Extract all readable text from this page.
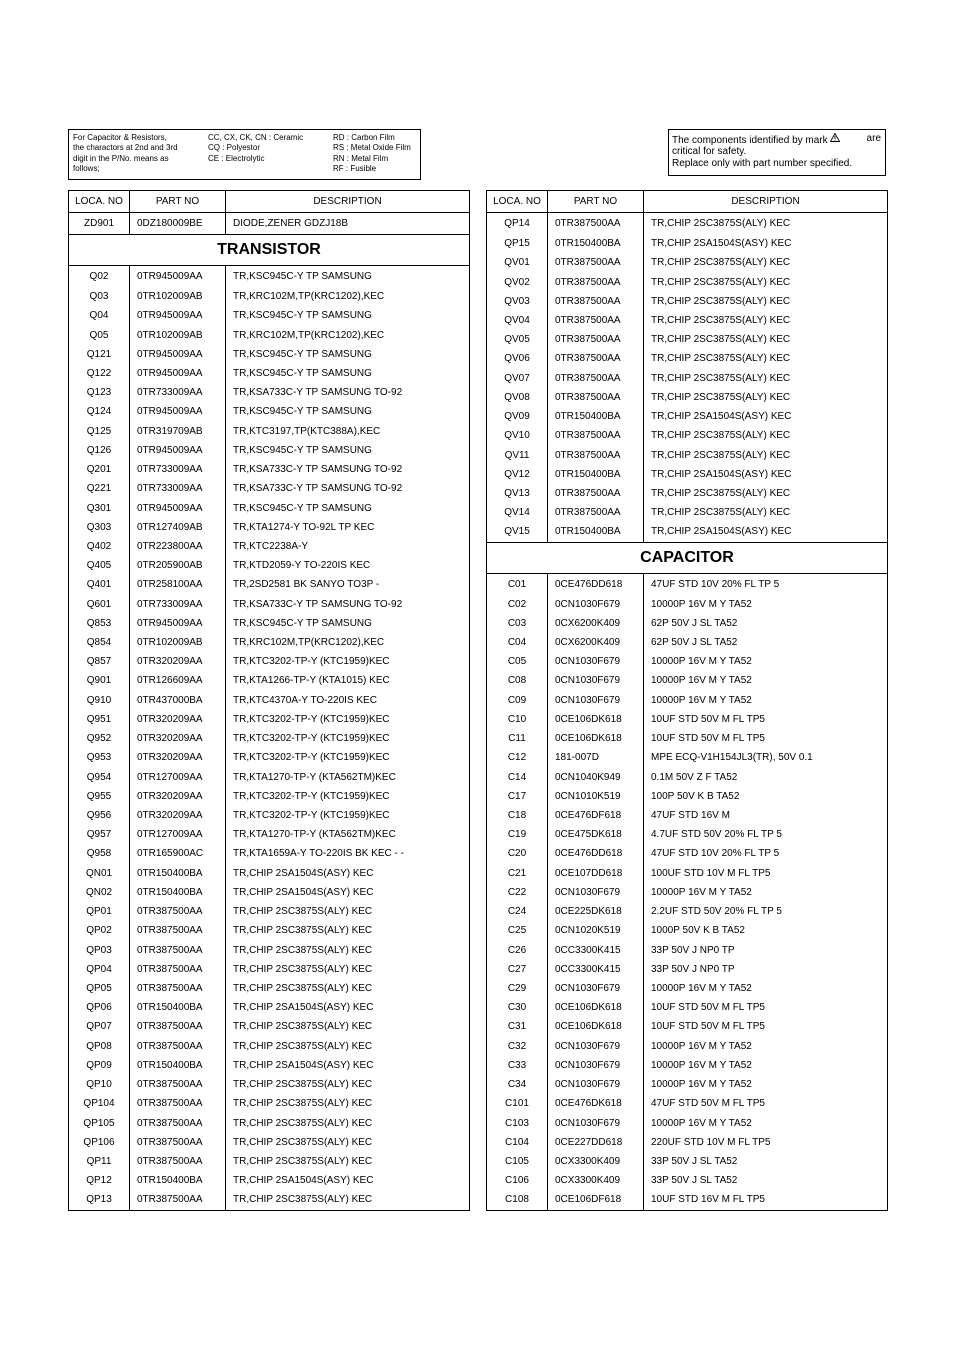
For Capacitor & Resistors,
the charactors at 2nd and 3rd
digit in the P/No. means as
follows;
CC, CX, CK, CN : Ceramic
CQ : Polyestor
CE : Electrolytic
RD : Carbon Film
RS : Metal Oxide Film
RN : Metal Film
RF : Fusible
The components identified by mark	are
critical for safety.
Replace only with part number specified.
LOCA. NO	PART NO	DESCRIPTION
ZD901	0DZ180009BE	DIODE,ZENER GDZJ18B
TRANSISTOR		
Q02	0TR945009AA	TR,KSC945C-Y TP SAMSUNG
Q03	0TR102009AB	TR,KRC102M,TP(KRC1202),KEC
Q04	0TR945009AA	TR,KSC945C-Y TP SAMSUNG
Q05	0TR102009AB	TR,KRC102M,TP(KRC1202),KEC
Q121	0TR945009AA	TR,KSC945C-Y TP SAMSUNG
Q122	0TR945009AA	TR,KSC945C-Y TP SAMSUNG
Q123	0TR733009AA	TR,KSA733C-Y TP SAMSUNG TO-92
Q124	0TR945009AA	TR,KSC945C-Y TP SAMSUNG
Q125	0TR319709AB	TR,KTC3197,TP(KTC388A),KEC
Q126	0TR945009AA	TR,KSC945C-Y TP SAMSUNG
Q201	0TR733009AA	TR,KSA733C-Y TP SAMSUNG TO-92
Q221	0TR733009AA	TR,KSA733C-Y TP SAMSUNG TO-92
Q301	0TR945009AA	TR,KSC945C-Y TP SAMSUNG
Q303	0TR127409AB	TR,KTA1274-Y TO-92L TP KEC
Q402	0TR223800AA	TR,KTC2238A-Y
Q405	0TR205900AB	TR,KTD2059-Y TO-220IS KEC
Q401	0TR258100AA	TR,2SD2581 BK SANYO TO3P -
Q601	0TR733009AA	TR,KSA733C-Y TP SAMSUNG TO-92
Q853	0TR945009AA	TR,KSC945C-Y TP SAMSUNG
Q854	0TR102009AB	TR,KRC102M,TP(KRC1202),KEC
Q857	0TR320209AA	TR,KTC3202-TP-Y (KTC1959)KEC
Q901	0TR126609AA	TR,KTA1266-TP-Y (KTA1015) KEC
Q910	0TR437000BA	TR,KTC4370A-Y TO-220IS KEC
Q951	0TR320209AA	TR,KTC3202-TP-Y (KTC1959)KEC
Q952	0TR320209AA	TR,KTC3202-TP-Y (KTC1959)KEC
Q953	0TR320209AA	TR,KTC3202-TP-Y (KTC1959)KEC
Q954	0TR127009AA	TR,KTA1270-TP-Y (KTA562TM)KEC
Q955	0TR320209AA	TR,KTC3202-TP-Y (KTC1959)KEC
Q956	0TR320209AA	TR,KTC3202-TP-Y (KTC1959)KEC
Q957	0TR127009AA	TR,KTA1270-TP-Y (KTA562TM)KEC
Q958	0TR165900AC	TR,KTA1659A-Y TO-220IS BK KEC - -
QN01	0TR150400BA	TR,CHIP 2SA1504S(ASY) KEC
QN02	0TR150400BA	TR,CHIP 2SA1504S(ASY) KEC
QP01	0TR387500AA	TR,CHIP 2SC3875S(ALY) KEC
QP02	0TR387500AA	TR,CHIP 2SC3875S(ALY) KEC
QP03	0TR387500AA	TR,CHIP 2SC3875S(ALY) KEC
QP04	0TR387500AA	TR,CHIP 2SC3875S(ALY) KEC
QP05	0TR387500AA	TR,CHIP 2SC3875S(ALY) KEC
QP06	0TR150400BA	TR,CHIP 2SA1504S(ASY) KEC
QP07	0TR387500AA	TR,CHIP 2SC3875S(ALY) KEC
QP08	0TR387500AA	TR,CHIP 2SC3875S(ALY) KEC
QP09	0TR150400BA	TR,CHIP 2SA1504S(ASY) KEC
QP10	0TR387500AA	TR,CHIP 2SC3875S(ALY) KEC
QP104	0TR387500AA	TR,CHIP 2SC3875S(ALY) KEC
QP105	0TR387500AA	TR,CHIP 2SC3875S(ALY) KEC
QP106	0TR387500AA	TR,CHIP 2SC3875S(ALY) KEC
QP11	0TR387500AA	TR,CHIP 2SC3875S(ALY) KEC
QP12	0TR150400BA	TR,CHIP 2SA1504S(ASY) KEC
QP13	0TR387500AA	TR,CHIP 2SC3875S(ALY) KEC
LOCA. NO	PART NO	DESCRIPTION
QP14	0TR387500AA	TR,CHIP 2SC3875S(ALY) KEC
QP15	0TR150400BA	TR,CHIP 2SA1504S(ASY) KEC
QV01	0TR387500AA	TR,CHIP 2SC3875S(ALY) KEC
QV02	0TR387500AA	TR,CHIP 2SC3875S(ALY) KEC
QV03	0TR387500AA	TR,CHIP 2SC3875S(ALY) KEC
QV04	0TR387500AA	TR,CHIP 2SC3875S(ALY) KEC
QV05	0TR387500AA	TR,CHIP 2SC3875S(ALY) KEC
QV06	0TR387500AA	TR,CHIP 2SC3875S(ALY) KEC
QV07	0TR387500AA	TR,CHIP 2SC3875S(ALY) KEC
QV08	0TR387500AA	TR,CHIP 2SC3875S(ALY) KEC
QV09	0TR150400BA	TR,CHIP 2SA1504S(ASY) KEC
QV10	0TR387500AA	TR,CHIP 2SC3875S(ALY) KEC
QV11	0TR387500AA	TR,CHIP 2SC3875S(ALY) KEC
QV12	0TR150400BA	TR,CHIP 2SA1504S(ASY) KEC
QV13	0TR387500AA	TR,CHIP 2SC3875S(ALY) KEC
QV14	0TR387500AA	TR,CHIP 2SC3875S(ALY) KEC
QV15	0TR150400BA	TR,CHIP 2SA1504S(ASY) KEC
CAPACITOR		
C01	0CE476DD618	47UF STD 10V 20% FL TP 5
C02	0CN1030F679	10000P 16V M Y TA52
C03	0CX6200K409	62P 50V J SL TA52
C04	0CX6200K409	62P 50V J SL TA52
C05	0CN1030F679	10000P 16V M Y TA52
C08	0CN1030F679	10000P 16V M Y TA52
C09	0CN1030F679	10000P 16V M Y TA52
C10	0CE106DK618	10UF STD 50V M FL TP5
C11	0CE106DK618	10UF STD 50V M FL TP5
C12	181-007D	MPE ECQ-V1H154JL3(TR), 50V 0.1
C14	0CN1040K949	0.1M 50V Z F TA52
C17	0CN1010K519	100P 50V K B TA52
C18	0CE476DF618	47UF STD 16V M
C19	0CE475DK618	4.7UF STD 50V 20% FL TP 5
C20	0CE476DD618	47UF STD 10V 20% FL TP 5
C21	0CE107DD618	100UF STD 10V M FL TP5
C22	0CN1030F679	10000P 16V M Y TA52
C24	0CE225DK618	2.2UF STD 50V 20% FL TP 5
C25	0CN1020K519	1000P 50V K B TA52
C26	0CC3300K415	33P 50V J NP0 TP
C27	0CC3300K415	33P 50V J NP0 TP
C29	0CN1030F679	10000P 16V M Y TA52
C30	0CE106DK618	10UF STD 50V M FL TP5
C31	0CE106DK618	10UF STD 50V M FL TP5
C32	0CN1030F679	10000P 16V M Y TA52
C33	0CN1030F679	10000P 16V M Y TA52
C34	0CN1030F679	10000P 16V M Y TA52
C101	0CE476DK618	47UF STD 50V M FL TP5
C103	0CN1030F679	10000P 16V M Y TA52
C104	0CE227DD618	220UF STD 10V M FL TP5
C105	0CX3300K409	33P 50V J SL TA52
C106	0CX3300K409	33P 50V J SL TA52
C108	0CE106DF618	10UF STD 16V M FL TP5
